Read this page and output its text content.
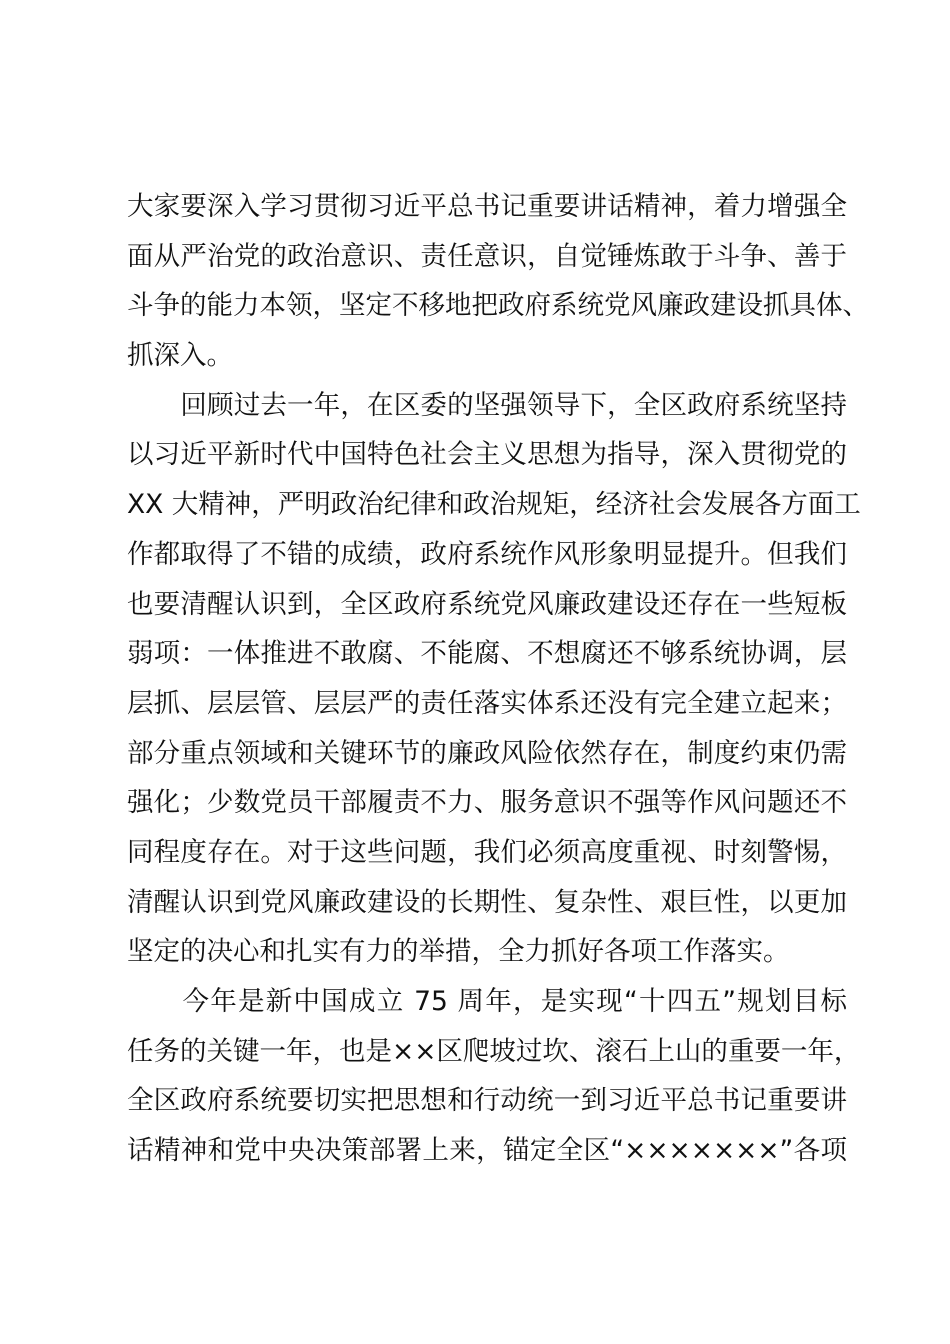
大家要深入学习贯彻习近平总书记重要讲话精神，着力增强全
面从严治党的政治意识、责任意识，自觉锤炼敢于斗争、善于
斗争的能力本领，坚定不移地把政府系统党风廉政建设抓具体、
抓深入。
　　回顾过去一年，在区委的坚强领导下，全区政府系统坚持
以习近平新时代中国特色社会主义思想为指导，深入贯彻党的
XX 大精神，严明政治纪律和政治规矩，经济社会发展各方面工
作都取得了不错的成绩，政府系统作风形象明显提升。但我们
也要清醒认识到，全区政府系统党风廉政建设还存在一些短板
弱项：一体推进不敢腐、不能腐、不想腐还不够系统协调，层
层抓、层层管、层层严的责任落实体系还没有完全建立起来；
部分重点领域和关键环节的廉政风险依然存在，制度约束仍需
强化；少数党员干部履责不力、服务意识不强等作风问题还不
同程度存在。对于这些问题，我们必须高度重视、时刻警惕，
清醒认识到党风廉政建设的长期性、复杂性、艰巨性，以更加
坚定的决心和扎实有力的举措，全力抓好各项工作落实。
　　今年是新中国成立 75 周年，是实现“十四五”规划目标
任务的关键一年，也是××区爬坡过坎、滚石上山的重要一年，
全区政府系统要切实把思想和行动统一到习近平总书记重要讲
话精神和党中央决策部署上来，锚定全区“×××××××”各项
